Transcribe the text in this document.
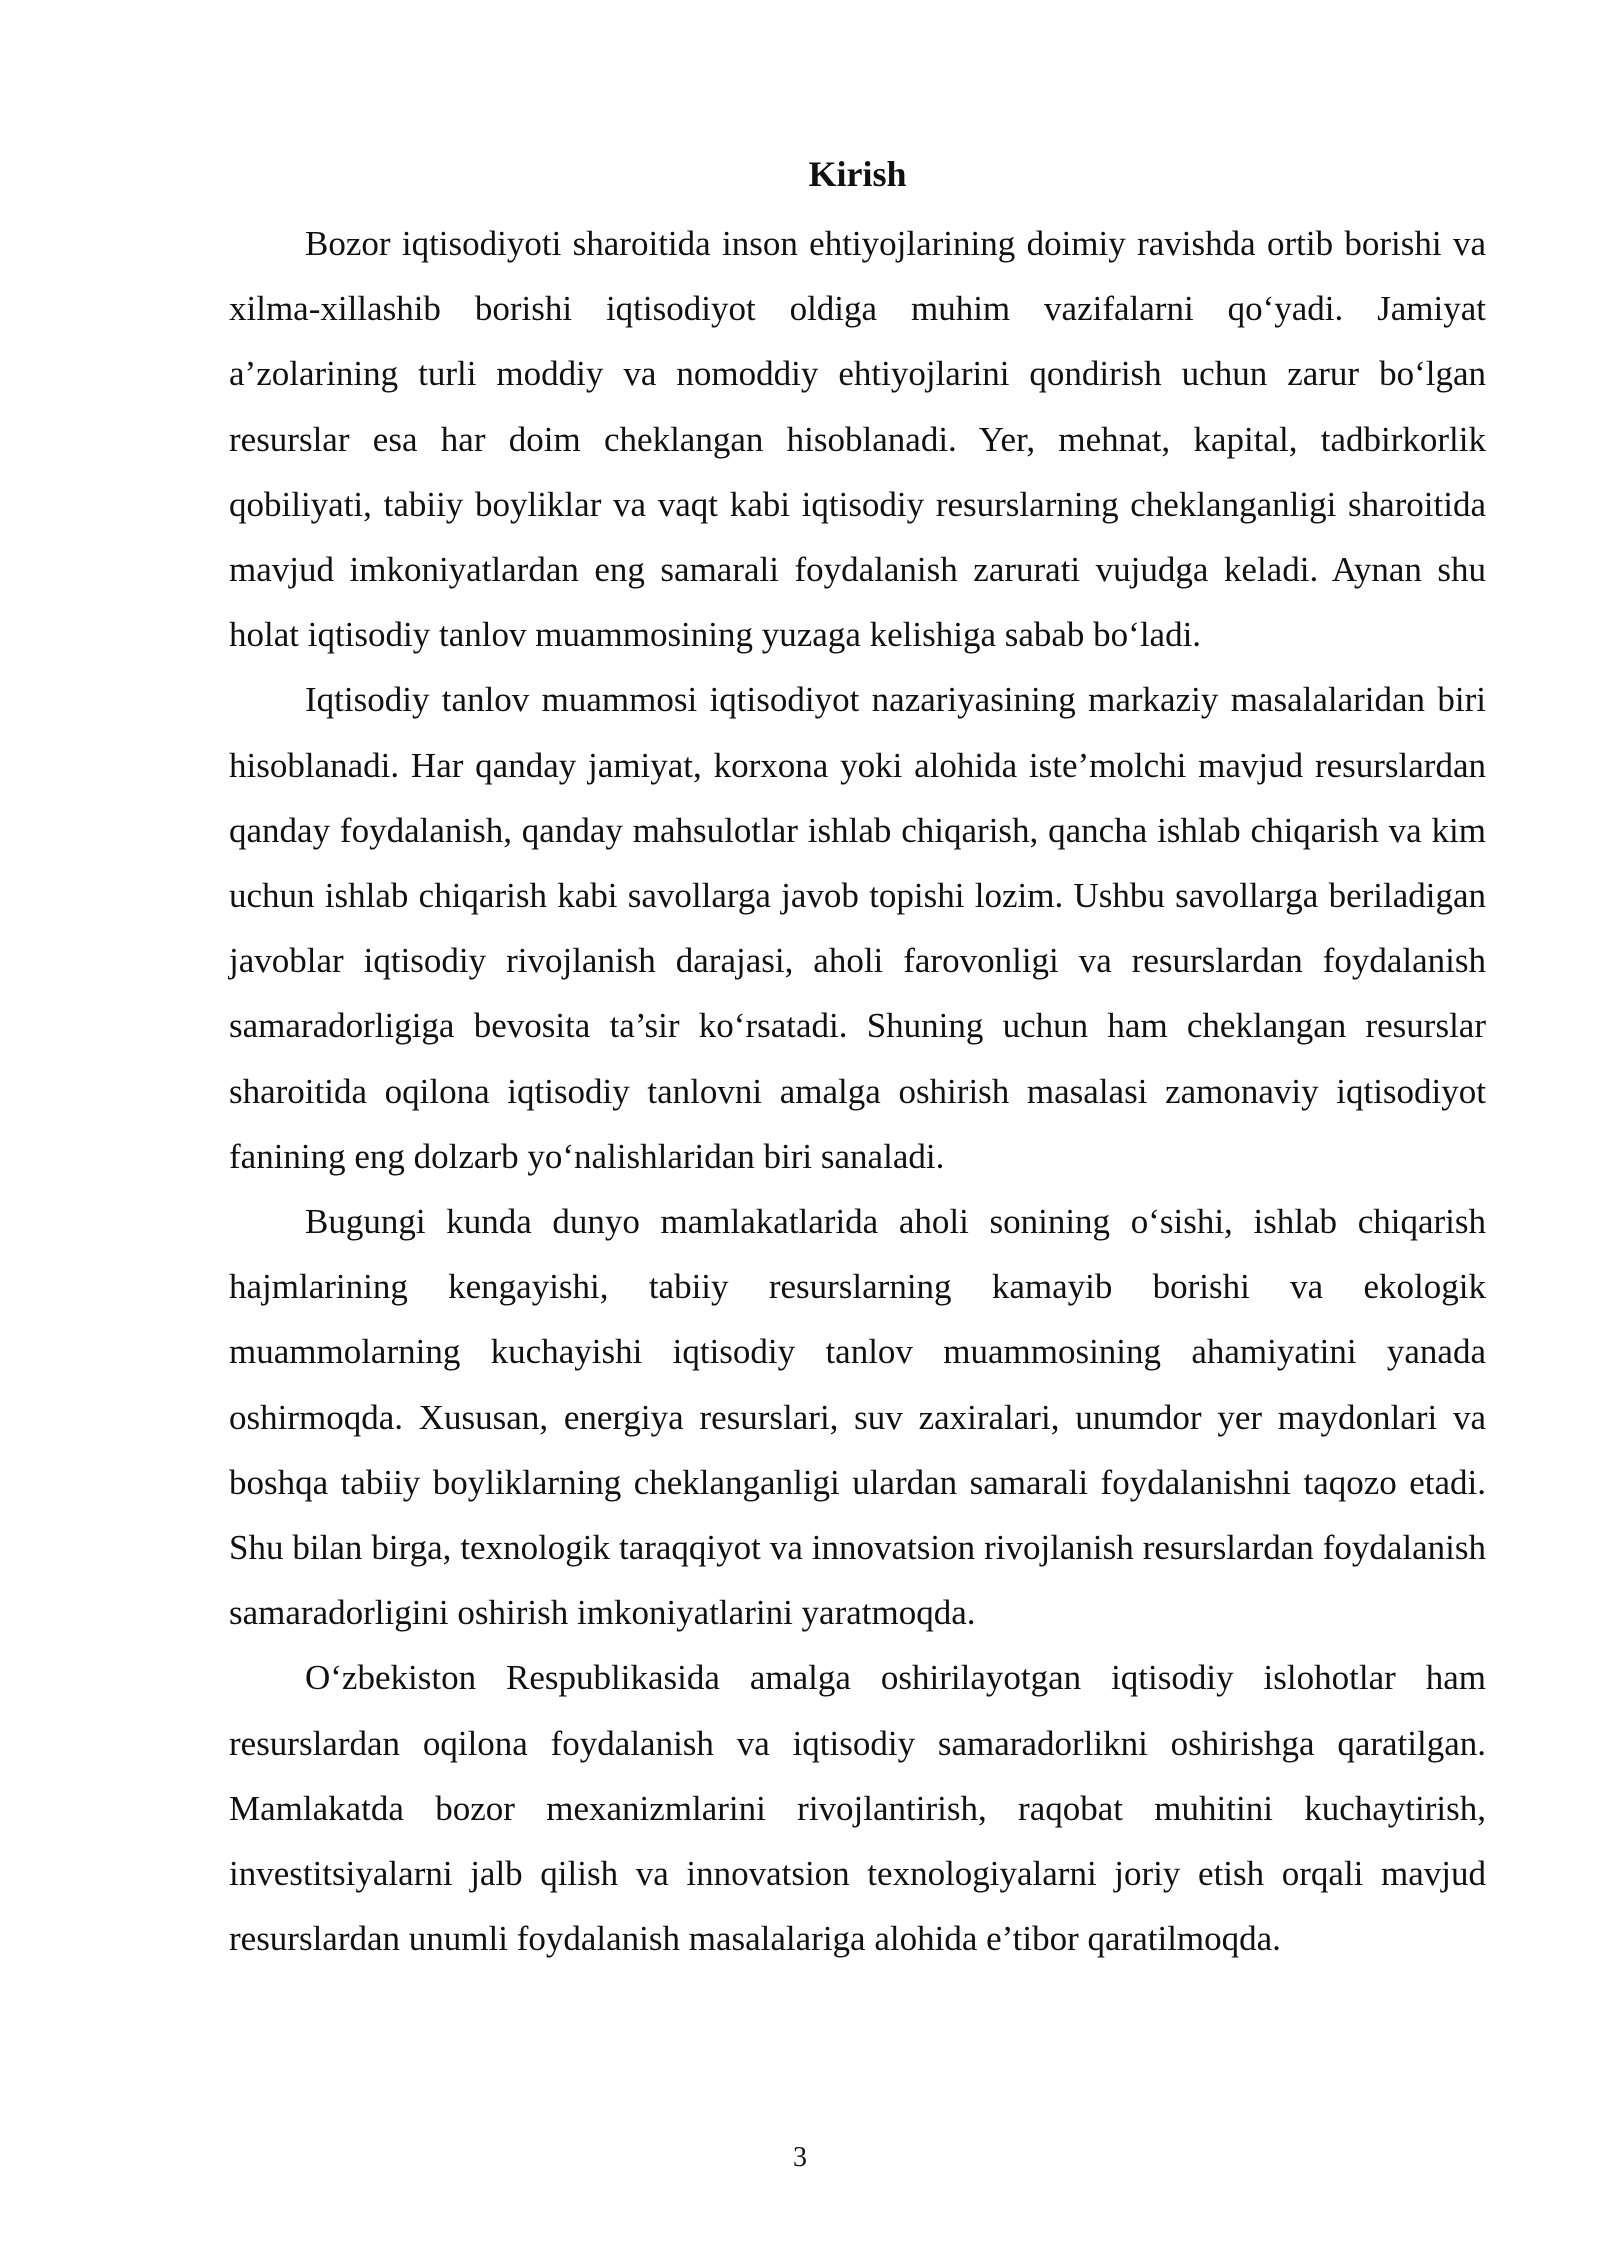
Kirish

Bozor iqtisodiyoti sharoitida inson ehtiyojlarining doimiy ravishda ortib borishi va xilma-xillashib borishi iqtisodiyot oldiga muhim vazifalarni qo‘yadi. Jamiyat a’zolarining turli moddiy va nomoddiy ehtiyojlarini qondirish uchun zarur bo‘lgan resurslar esa har doim cheklangan hisoblanadi. Yer, mehnat, kapital, tadbirkorlik qobiliyati, tabiiy boyliklar va vaqt kabi iqtisodiy resurslarning cheklanganligi sharoitida mavjud imkoniyatlardan eng samarali foydalanish zarurati vujudga keladi. Aynan shu holat iqtisodiy tanlov muammosining yuzaga kelishiga sabab bo‘ladi.

Iqtisodiy tanlov muammosi iqtisodiyot nazariyasining markaziy masalalaridan biri hisoblanadi. Har qanday jamiyat, korxona yoki alohida iste’molchi mavjud resurslardan qanday foydalanish, qanday mahsulotlar ishlab chiqarish, qancha ishlab chiqarish va kim uchun ishlab chiqarish kabi savollarga javob topishi lozim. Ushbu savollarga beriladigan javoblar iqtisodiy rivojlanish darajasi, aholi farovonligi va resurslardan foydalanish samaradorligiga bevosita ta’sir ko‘rsatadi. Shuning uchun ham cheklangan resurslar sharoitida oqilona iqtisodiy tanlovni amalga oshirish masalasi zamonaviy iqtisodiyot fanining eng dolzarb yo‘nalishlaridan biri sanaladi.

Bugungi kunda dunyo mamlakatlarida aholi sonining o‘sishi, ishlab chiqarish hajmlarining kengayishi, tabiiy resurslarning kamayib borishi va ekologik muammolarning kuchayishi iqtisodiy tanlov muammosining ahamiyatini yanada oshirmoqda. Xususan, energiya resurslari, suv zaxiralari, unumdor yer maydonlari va boshqa tabiiy boyliklarning cheklanganligi ulardan samarali foydalanishni taqozo etadi. Shu bilan birga, texnologik taraqqiyot va innovatsion rivojlanish resurslardan foydalanish samaradorligini oshirish imkoniyatlarini yaratmoqda.

O‘zbekiston Respublikasida amalga oshirilayotgan iqtisodiy islohotlar ham resurslardan oqilona foydalanish va iqtisodiy samaradorlikni oshirishga qaratilgan. Mamlakatda bozor mexanizmlarini rivojlantirish, raqobat muhitini kuchaytirish, investitsiyalarni jalb qilish va innovatsion texnologiyalarni joriy etish orqali mavjud resurslardan unumli foydalanish masalalariga alohida e’tibor qaratilmoqda.

3
